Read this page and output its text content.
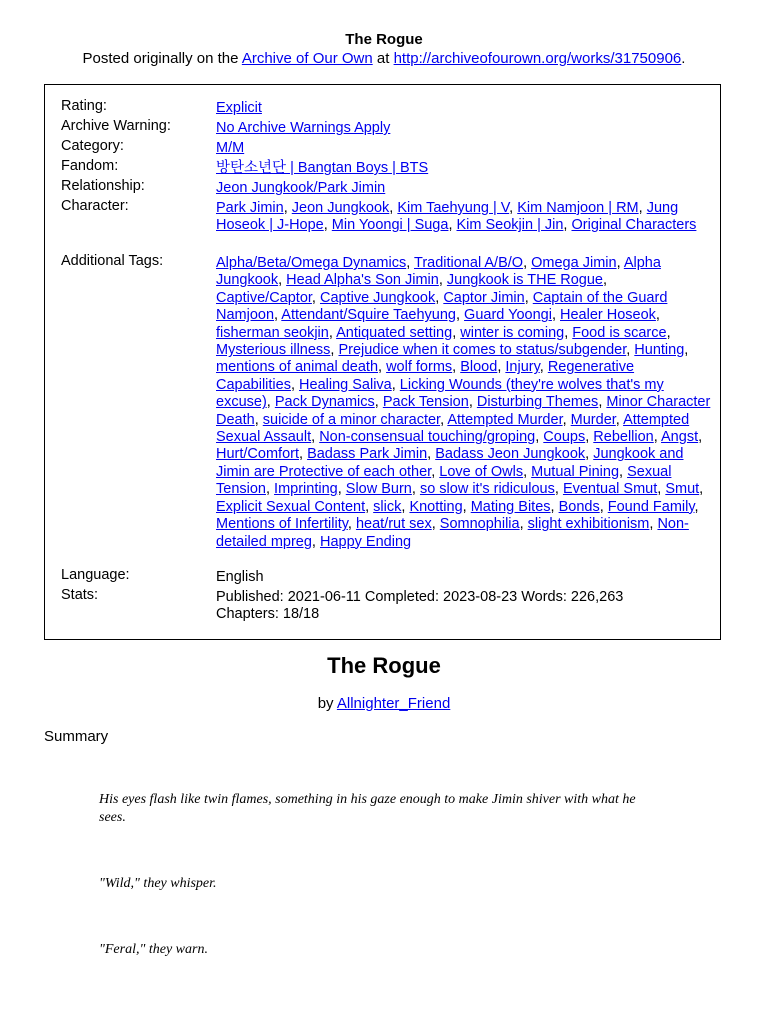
The Rogue
Posted originally on the Archive of Our Own at http://archiveofourown.org/works/31750906.
Rating:	Explicit
Archive Warning:	No Archive Warnings Apply
Category:	M/M
Fandom:	방탄소년단 | Bangtan Boys | BTS
Relationship:	Jeon Jungkook/Park Jimin
Character:	Park Jimin, Jeon Jungkook, Kim Taehyung | V, Kim Namjoon | RM, Jung Hoseok | J-Hope, Min Yoongi | Suga, Kim Seokjin | Jin, Original Characters
Additional Tags:	Alpha/Beta/Omega Dynamics, Traditional A/B/O, Omega Jimin, Alpha Jungkook, Head Alpha's Son Jimin, Jungkook is THE Rogue, Captive/Captor, Captive Jungkook, Captor Jimin, Captain of the Guard Namjoon, Attendant/Squire Taehyung, Guard Yoongi, Healer Hoseok, fisherman seokjin, Antiquated setting, winter is coming, Food is scarce, Mysterious illness, Prejudice when it comes to status/subgender, Hunting, mentions of animal death, wolf forms, Blood, Injury, Regenerative Capabilities, Healing Saliva, Licking Wounds (they're wolves that's my excuse), Pack Dynamics, Pack Tension, Disturbing Themes, Minor Character Death, suicide of a minor character, Attempted Murder, Murder, Attempted Sexual Assault, Non-consensual touching/groping, Coups, Rebellion, Angst, Hurt/Comfort, Badass Park Jimin, Badass Jeon Jungkook, Jungkook and Jimin are Protective of each other, Love of Owls, Mutual Pining, Sexual Tension, Imprinting, Slow Burn, so slow it's ridiculous, Eventual Smut, Smut, Explicit Sexual Content, slick, Knotting, Mating Bites, Bonds, Found Family, Mentions of Infertility, heat/rut sex, Somnophilia, slight exhibitionism, Non-detailed mpreg, Happy Ending
Language:	English
Stats:	Published: 2021-06-11 Completed: 2023-08-23 Words: 226,263 Chapters: 18/18
The Rogue
by Allnighter_Friend
Summary
His eyes flash like twin flames, something in his gaze enough to make Jimin shiver with what he sees.
"Wild," they whisper.
"Feral," they warn.
